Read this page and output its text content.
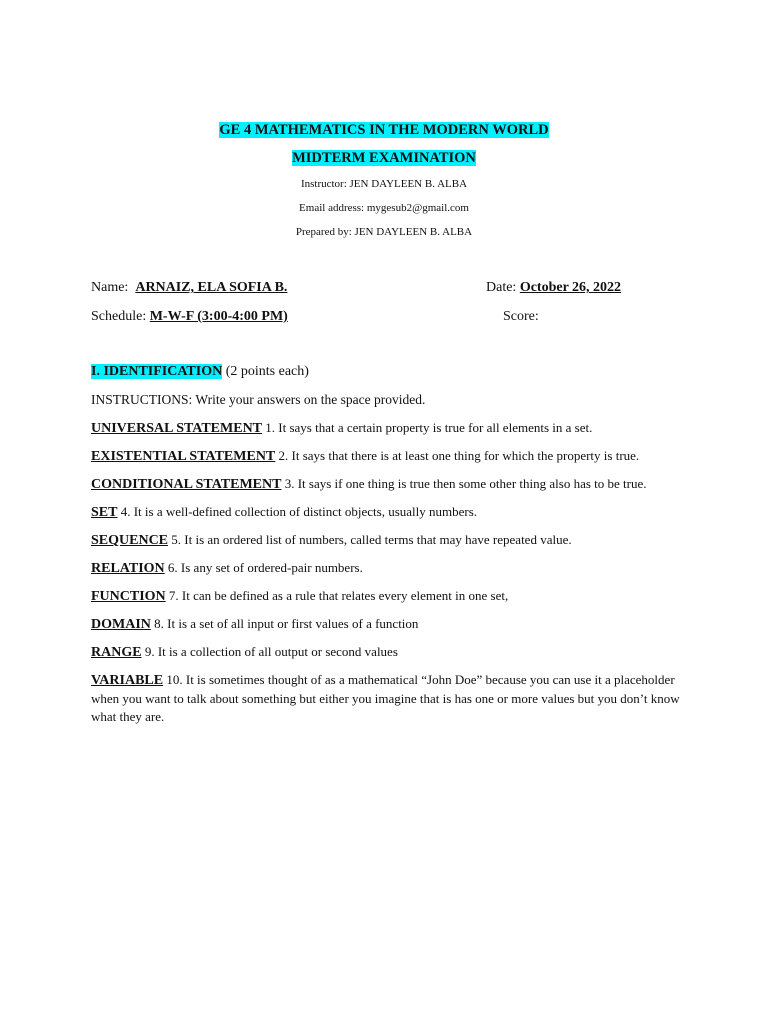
GE 4 MATHEMATICS IN THE MODERN WORLD
MIDTERM EXAMINATION
Instructor: JEN DAYLEEN B. ALBA
Email address: mygesub2@gmail.com
Prepared by: JEN DAYLEEN B. ALBA
Name: ARNAIZ, ELA SOFIA B.	Date: October 26, 2022
Schedule: M-W-F (3:00-4:00 PM)	Score:
I. IDENTIFICATION (2 points each)
INSTRUCTIONS: Write your answers on the space provided.
UNIVERSAL STATEMENT 1. It says that a certain property is true for all elements in a set.
EXISTENTIAL STATEMENT 2. It says that there is at least one thing for which the property is true.
CONDITIONAL STATEMENT 3. It says if one thing is true then some other thing also has to be true.
SET 4. It is a well-defined collection of distinct objects, usually numbers.
SEQUENCE 5. It is an ordered list of numbers, called terms that may have repeated value.
RELATION 6. Is any set of ordered-pair numbers.
FUNCTION 7. It can be defined as a rule that relates every element in one set,
DOMAIN 8. It is a set of all input or first values of a function
RANGE 9. It is a collection of all output or second values
VARIABLE 10. It is sometimes thought of as a mathematical “John Doe” because you can use it a placeholder when you want to talk about something but either you imagine that is has one or more values but you don’t know what they are.
